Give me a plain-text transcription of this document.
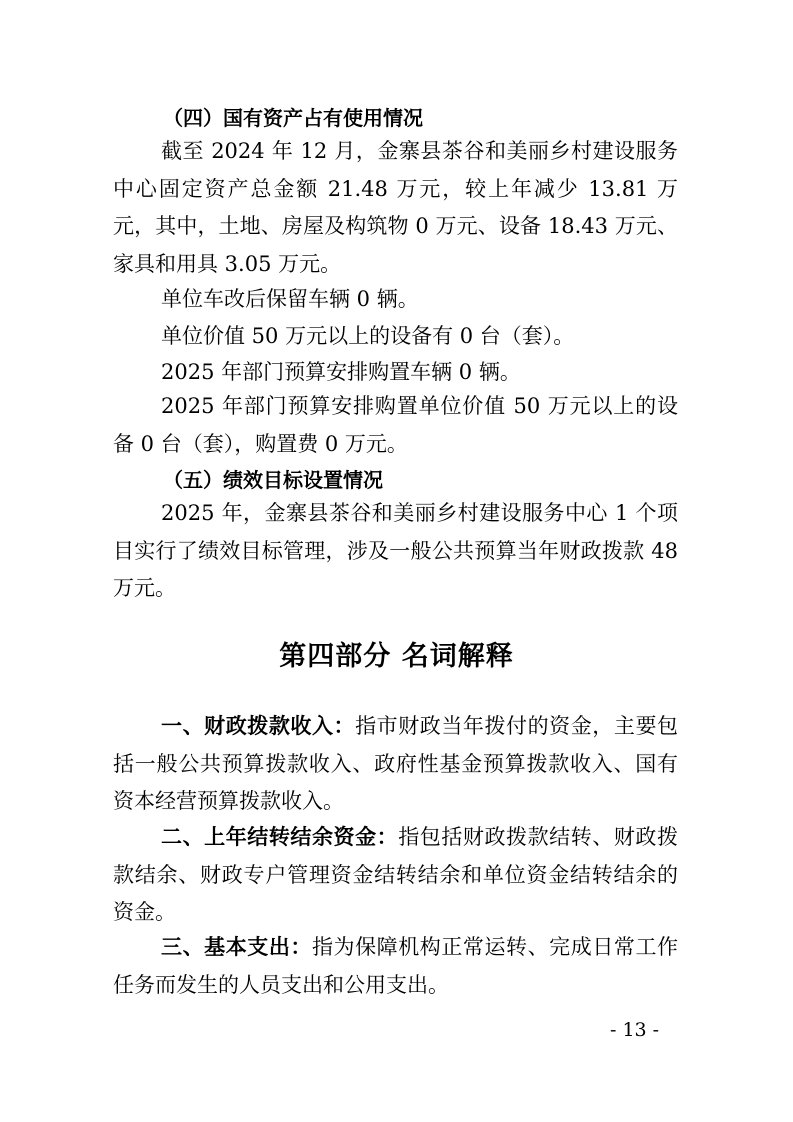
（四）国有资产占有使用情况

截至 2024 年 12 月，金寨县茶谷和美丽乡村建设服务中心固定资产总金额 21.48 万元，较上年减少 13.81 万元，其中，土地、房屋及构筑物 0 万元、设备 18.43 万元、家具和用具 3.05 万元。

单位车改后保留车辆 0 辆。
单位价值 50 万元以上的设备有 0 台（套）。
2025 年部门预算安排购置车辆 0 辆。

2025 年部门预算安排购置单位价值 50 万元以上的设备 0 台（套），购置费 0 万元。

（五）绩效目标设置情况

2025 年，金寨县茶谷和美丽乡村建设服务中心 1 个项目实行了绩效目标管理，涉及一般公共预算当年财政拨款 48 万元。

第四部分 名词解释

一、财政拨款收入：指市财政当年拨付的资金，主要包括一般公共预算拨款收入、政府性基金预算拨款收入、国有资本经营预算拨款收入。

二、上年结转结余资金：指包括财政拨款结转、财政拨款结余、财政专户管理资金结转结余和单位资金结转结余的资金。

三、基本支出：指为保障机构正常运转、完成日常工作任务而发生的人员支出和公用支出。

- 13 -
